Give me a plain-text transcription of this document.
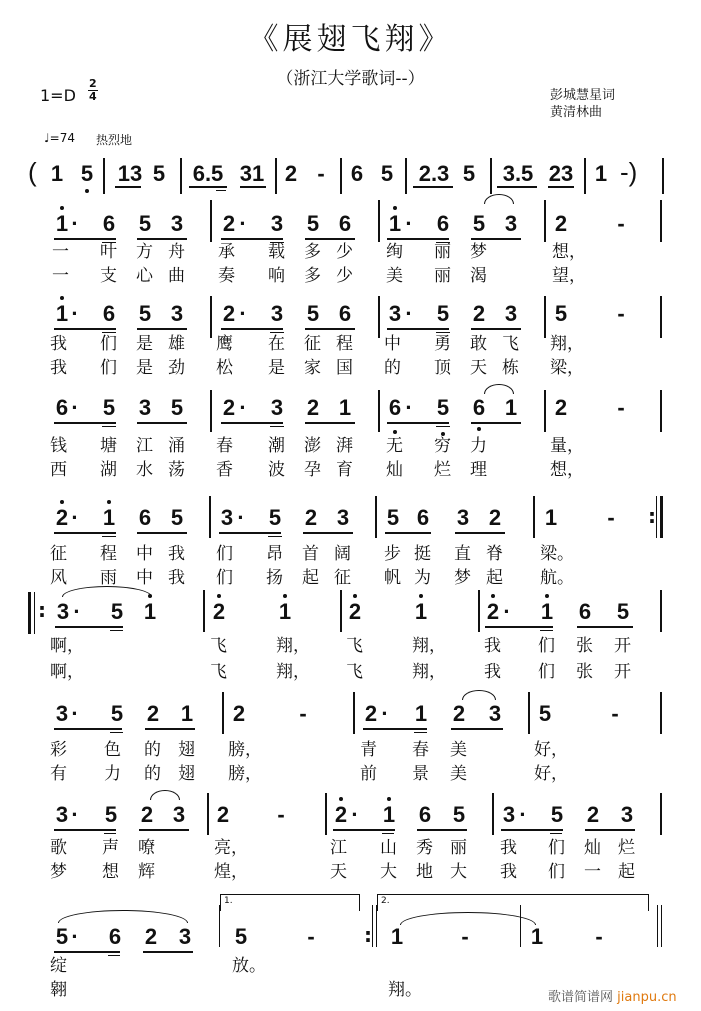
《展翅飞翔》
（浙江大学歌词--）
$1=D \frac{2}{4}$	彭城慧星词
黄清林曲
♩=74 热烈地
( 1 5 13 5 6.5 31 2 - 6 5	2.3 5	3.5 23 1 -)
1 · 6 5 3 2 · 3 5 6 1 · 6 5 3 2 -
一 叶 方 舟 承 载 多 少 绚 丽 梦	想，
一 支 心 曲 奏 响 多 少 美 丽 渴	望，
1 · 6 5 3 2 · 3 5 6 3 · 5 2 3 5 -
我 们 是 雄 鹰 在 征 程 中 勇 敢 飞 翔，
我 们 是 劲 松 是 家 国 的 顶 天 栋 梁，
6 · 5 3 5 2 · 3 2 1 6 · 5 6 1 2 -
钱 塘 江 涌 春 潮 澎 湃 无 穷 力	量，
西 湖 水 荡 香 波 孕 育 灿 烂 理	想，
2 · 1 6 5 3 · 5 2 3 5 6 3 2 1 - :
征 程 中 我 们 昂 首 阔 步 挺 直 脊 梁。
风 雨 中 我 们 扬 起 征 帆 为 梦 起 航。
: 3 · 5 1	2 1	2 1	2 · 1 6 5
啊，	飞	翔， 飞	翔， 我 们 张 开
啊，	飞	翔， 飞	翔， 我 们 张 开
3 · 5 2 1 2 -	2 · 1 2 3 5	-
彩 色 的 翅 膀，	青 春 美	好，
有 力 的 翅 膀，	前 景 美	好，
3 · 5 2 3 2 - 2 · 1 6 5 3 · 5 2 3
歌 声 嘹	亮，	江 山 秀 丽 我 们 灿 烂
梦 想 辉	煌，	天 大 地 大 我 们 一 起
5 · 6 2 3
1.
5	- :
2.
1	-	1 -
绽	放。
翱	翔。	歌谱简谱网 jianpu.cn
